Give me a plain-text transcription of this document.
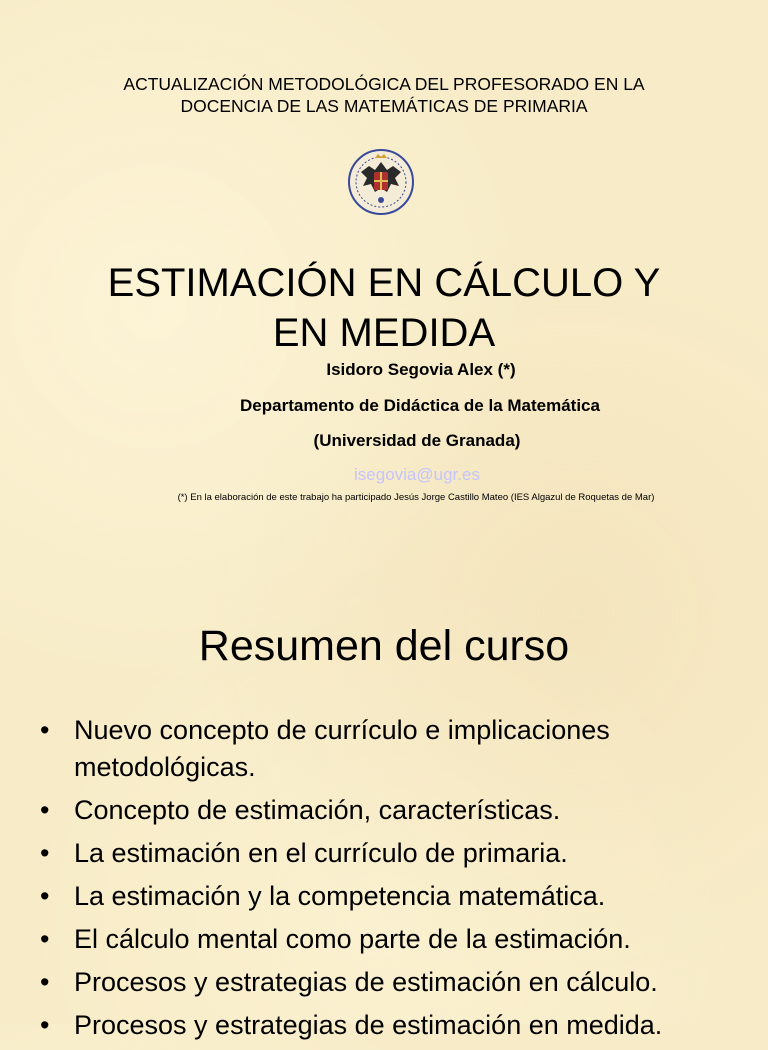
ACTUALIZACIÓN METODOLÓGICA DEL PROFESORADO EN LA
DOCENCIA DE LAS MATEMÁTICAS DE PRIMARIA
ESTIMACIÓN EN CÁLCULO Y
EN MEDIDA
Isidoro Segovia Alex (*)
Departamento de Didáctica de la Matemática
(Universidad de Granada)
isegovia@ugr.es
(*) En la elaboración de este trabajo ha participado Jesús Jorge Castillo Mateo (IES Algazul de Roquetas de Mar)
Resumen del curso
• Nuevo concepto de currículo e implicaciones metodológicas.
• Concepto de estimación, características.
• La estimación en el currículo de primaria.
• La estimación y la competencia matemática.
• El cálculo mental como parte de la estimación.
• Procesos y estrategias de estimación en cálculo.
• Procesos y estrategias de estimación en medida.
